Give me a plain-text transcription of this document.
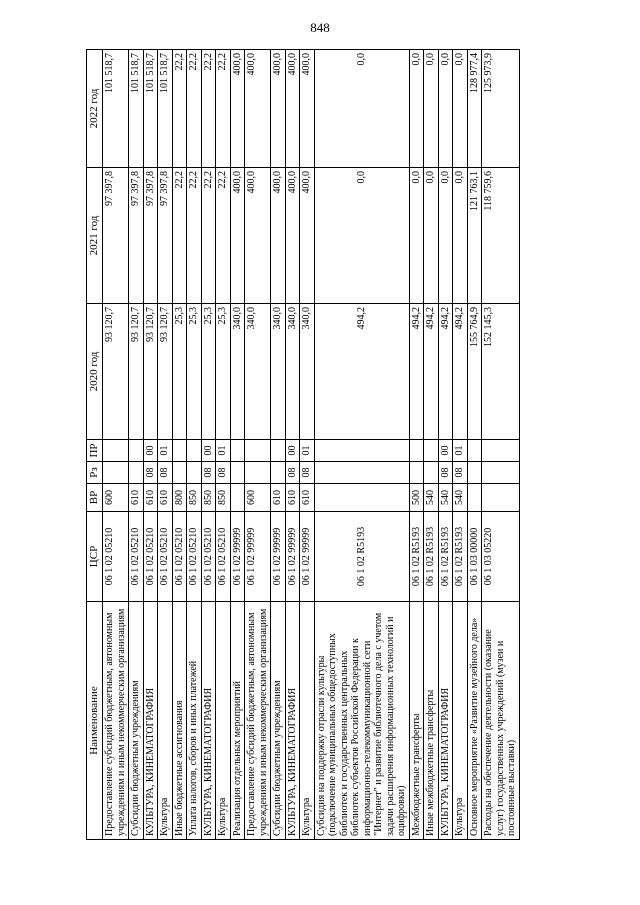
848
Наименование	ЦСР	ВР	Рз	ПР	2020 год	2021 год	2022 год
Предоставление субсидий бюджетным, автономным учреждениям и иным некоммерческим организациям	06 1 02 05210	600			93 120,7	97 397,8	101 518,7
Субсидии бюджетным учреждениям	06 1 02 05210	610			93 120,7	97 397,8	101 518,7
КУЛЬТУРА, КИНЕМАТОГРАФИЯ	06 1 02 05210	610	08	00	93 120,7	97 397,8	101 518,7
Культура	06 1 02 05210	610	08	01	93 120,7	97 397,8	101 518,7
Иные бюджетные ассигнования	06 1 02 05210	800			25,3	22,2	22,2
Уплата налогов, сборов и иных платежей	06 1 02 05210	850			25,3	22,2	22,2
КУЛЬТУРА, КИНЕМАТОГРАФИЯ	06 1 02 05210	850	08	00	25,3	22,2	22,2
Культура	06 1 02 05210	850	08	01	25,3	22,2	22,2
Реализация отдельных мероприятий	06 1 02 99999				340,0	400,0	400,0
Предоставление субсидий бюджетным, автономным учреждениям и иным некоммерческим организациям	06 1 02 99999	600			340,0	400,0	400,0
Субсидии бюджетным учреждениям	06 1 02 99999	610			340,0	400,0	400,0
КУЛЬТУРА, КИНЕМАТОГРАФИЯ	06 1 02 99999	610	08	00	340,0	400,0	400,0
Культура	06 1 02 99999	610	08	01	340,0	400,0	400,0
Субсидия на поддержку отрасли культуры (подключение муниципальных общедоступных библиотек и государственных центральных библиотек субъектов Российской Федерации к информационно-телекоммуникационной сети "Интернет" и развитие библиотечного дела с учетом задачи расширения информационных технологий и оцифровки)	06 1 02 R5193				494,2	0,0	0,0
Межбюджетные трансферты	06 1 02 R5193	500			494,2	0,0	0,0
Иные межбюджетные трансферты	06 1 02 R5193	540			494,2	0,0	0,0
КУЛЬТУРА, КИНЕМАТОГРАФИЯ	06 1 02 R5193	540	08	00	494,2	0,0	0,0
Культура	06 1 02 R5193	540	08	01	494,2	0,0	0,0
Основное мероприятие «Развитие музейного дела»	06 1 03 00000				155 764,9	121 763,1	128 977,4
Расходы на обеспечение деятельности (оказание услуг) государственных учреждений (музеи и постоянные выставки)	06 1 03 05220				152 145,3	118 759,6	125 973,9
